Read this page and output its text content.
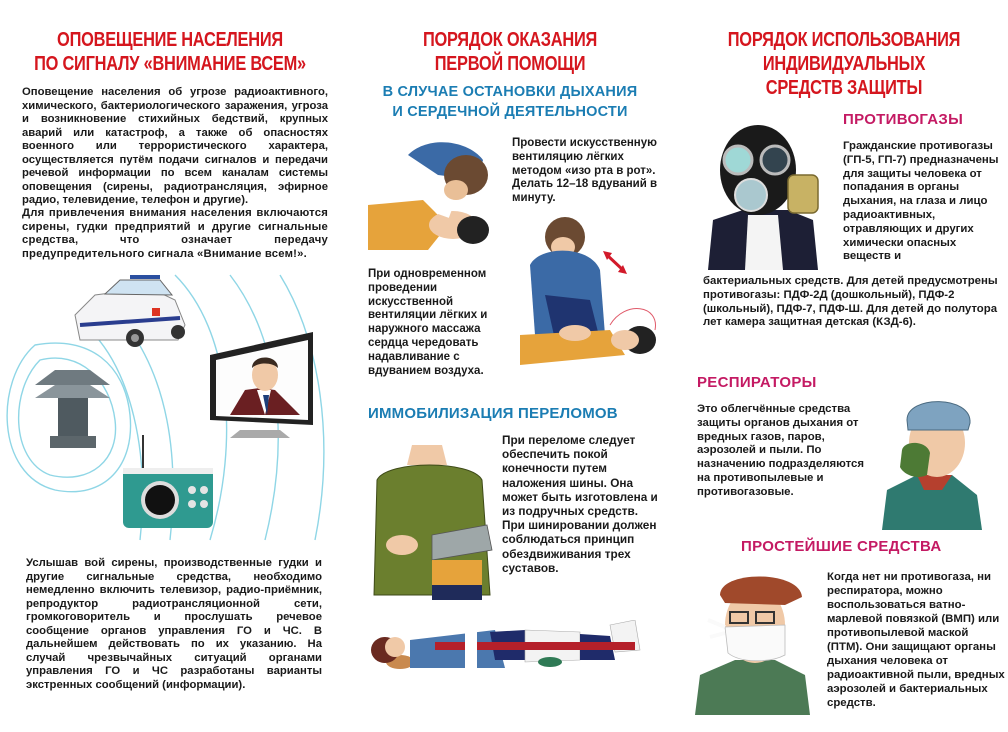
ОПОВЕЩЕНИЕ НАСЕЛЕНИЯ
ПО СИГНАЛУ «ВНИМАНИЕ ВСЕМ»
Оповещение населения об угрозе радиоактивного, химического, бактериологического заражения, угроза и возникновение стихийных бедствий, крупных аварий или катастроф, а также об опасностях военного или террористического характера, осуществляется путём подачи сигналов и передачи речевой информации по всем каналам системы оповещения (сирены, радиотрансляция, эфирное радио, телевидение, телефон и другие).
Для привлечения внимания населения включаются сирены, гудки предприятий и другие сигнальные средства, что означает передачу предупредительного сигнала «Внимание всем!».
Услышав вой сирены, производственные гудки и другие сигнальные средства, необходимо немедленно включить телевизор, радио-приёмник, репродуктор радиотрансляционной сети, громкоговоритель и прослушать речевое сообщение органов управления ГО и ЧС. В дальнейшем действовать по их указанию. На случай чрезвычайных ситуаций органами управления ГО и ЧС разработаны варианты экстренных сообщений (информации).
ПОРЯДОК ОКАЗАНИЯ
ПЕРВОЙ ПОМОЩИ
В СЛУЧАЕ ОСТАНОВКИ ДЫХАНИЯ
И СЕРДЕЧНОЙ ДЕЯТЕЛЬНОСТИ
Провести искусственную вентиляцию лёгких методом «изо рта в рот». Делать 12–18 вдуваний в минуту.
При одновременном проведении искусственной вентиляции лёгких и наружного массажа сердца чередовать надавливание с вдуванием воздуха.
ИММОБИЛИЗАЦИЯ ПЕРЕЛОМОВ
При переломе следует обеспечить покой конечности путем наложения шины. Она может быть изготовлена и из подручных средств. При шинировании должен соблюдаться принцип обездвиживания трех суставов.
ПОРЯДОК ИСПОЛЬЗОВАНИЯ
ИНДИВИДУАЛЬНЫХ
СРЕДСТВ ЗАЩИТЫ
ПРОТИВОГАЗЫ
Гражданские противогазы (ГП-5, ГП-7) предназначены для защиты человека от попадания в органы дыхания, на глаза и лицо радиоактивных, отравляющих и других химически опасных веществ и
бактериальных средств. Для детей предусмотрены противогазы: ПДФ-2Д (дошкольный), ПДФ-2 (школьный), ПДФ-7, ПДФ-Ш. Для детей до полутора лет камера защитная детская (КЗД-6).
РЕСПИРАТОРЫ
Это облегчённые средства защиты органов дыхания от вредных газов, паров, аэрозолей и пыли. По назначению подразделяются на противопылевые и противогазовые.
ПРОСТЕЙШИЕ СРЕДСТВА
Когда нет ни противогаза, ни респиратора, можно воспользоваться ватно-марлевой повязкой (ВМП) или противопылевой маской (ПТМ). Они защищают органы дыхания человека от радиоактивной пыли, вредных аэрозолей и бактериальных средств.
